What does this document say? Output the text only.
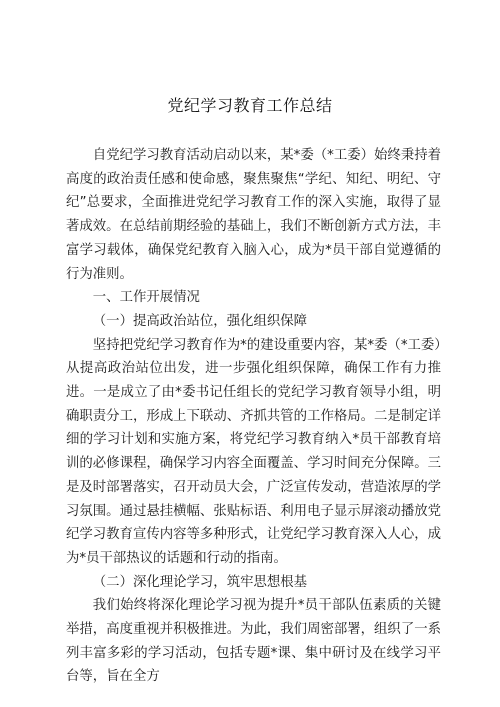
党纪学习教育工作总结

自党纪学习教育活动启动以来，某*委（*工委）始终秉持着高度的政治责任感和使命感，聚焦聚焦“学纪、知纪、明纪、守纪”总要求，全面推进党纪学习教育工作的深入实施，取得了显著成效。在总结前期经验的基础上，我们不断创新方式方法，丰富学习载体，确保党纪教育入脑入心，成为*员干部自觉遵循的行为准则。

一、工作开展情况

（一）提高政治站位，强化组织保障

坚持把党纪学习教育作为*的建设重要内容，某*委（*工委）从提高政治站位出发，进一步强化组织保障，确保工作有力推进。一是成立了由*委书记任组长的党纪学习教育领导小组，明确职责分工，形成上下联动、齐抓共管的工作格局。二是制定详细的学习计划和实施方案，将党纪学习教育纳入*员干部教育培训的必修课程，确保学习内容全面覆盖、学习时间充分保障。三是及时部署落实，召开动员大会，广泛宣传发动，营造浓厚的学习氛围。通过悬挂横幅、张贴标语、利用电子显示屏滚动播放党纪学习教育宣传内容等多种形式，让党纪学习教育深入人心，成为*员干部热议的话题和行动的指南。

（二）深化理论学习，筑牢思想根基

我们始终将深化理论学习视为提升*员干部队伍素质的关键举措，高度重视并积极推进。为此，我们周密部署，组织了一系列丰富多彩的学习活动，包括专题*课、集中研讨及在线学习平台等，旨在全方
